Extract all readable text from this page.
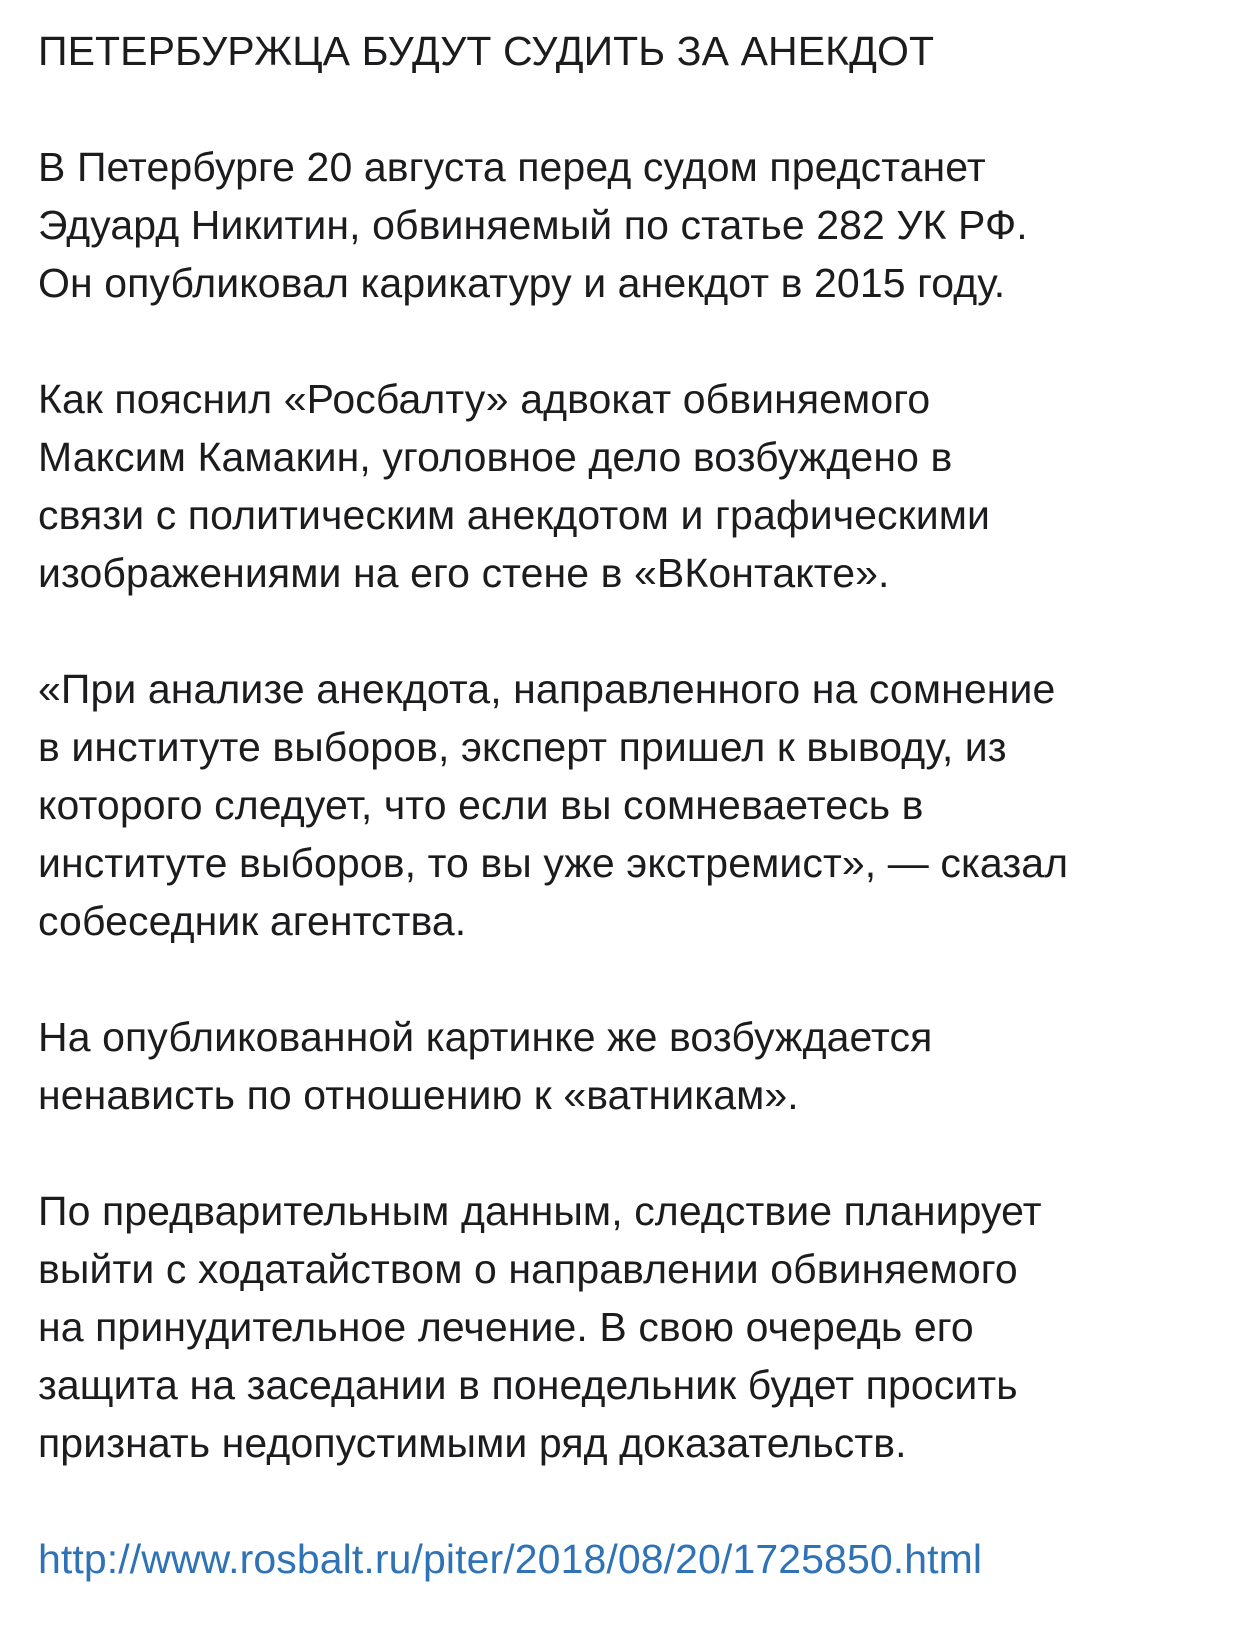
ПЕТЕРБУРЖЦА БУДУТ СУДИТЬ ЗА АНЕКДОТ
В Петербурге 20 августа перед судом предстанет
Эдуард Никитин, обвиняемый по статье 282 УК РФ.
Он опубликовал карикатуру и анекдот в 2015 году.
Как пояснил «Росбалту» адвокат обвиняемого
Максим Камакин, уголовное дело возбуждено в
связи с политическим анекдотом и графическими
изображениями на его стене в «ВКонтакте».
«При анализе анекдота, направленного на сомнение
в институте выборов, эксперт пришел к выводу, из
которого следует, что если вы сомневаетесь в
институте выборов, то вы уже экстремист», — сказал
собеседник агентства.
На опубликованной картинке же возбуждается
ненависть по отношению к «ватникам».
По предварительным данным, следствие планирует
выйти с ходатайством о направлении обвиняемого
на принудительное лечение. В свою очередь его
защита на заседании в понедельник будет просить
признать недопустимыми ряд доказательств.
http://www.rosbalt.ru/piter/2018/08/20/1725850.html
